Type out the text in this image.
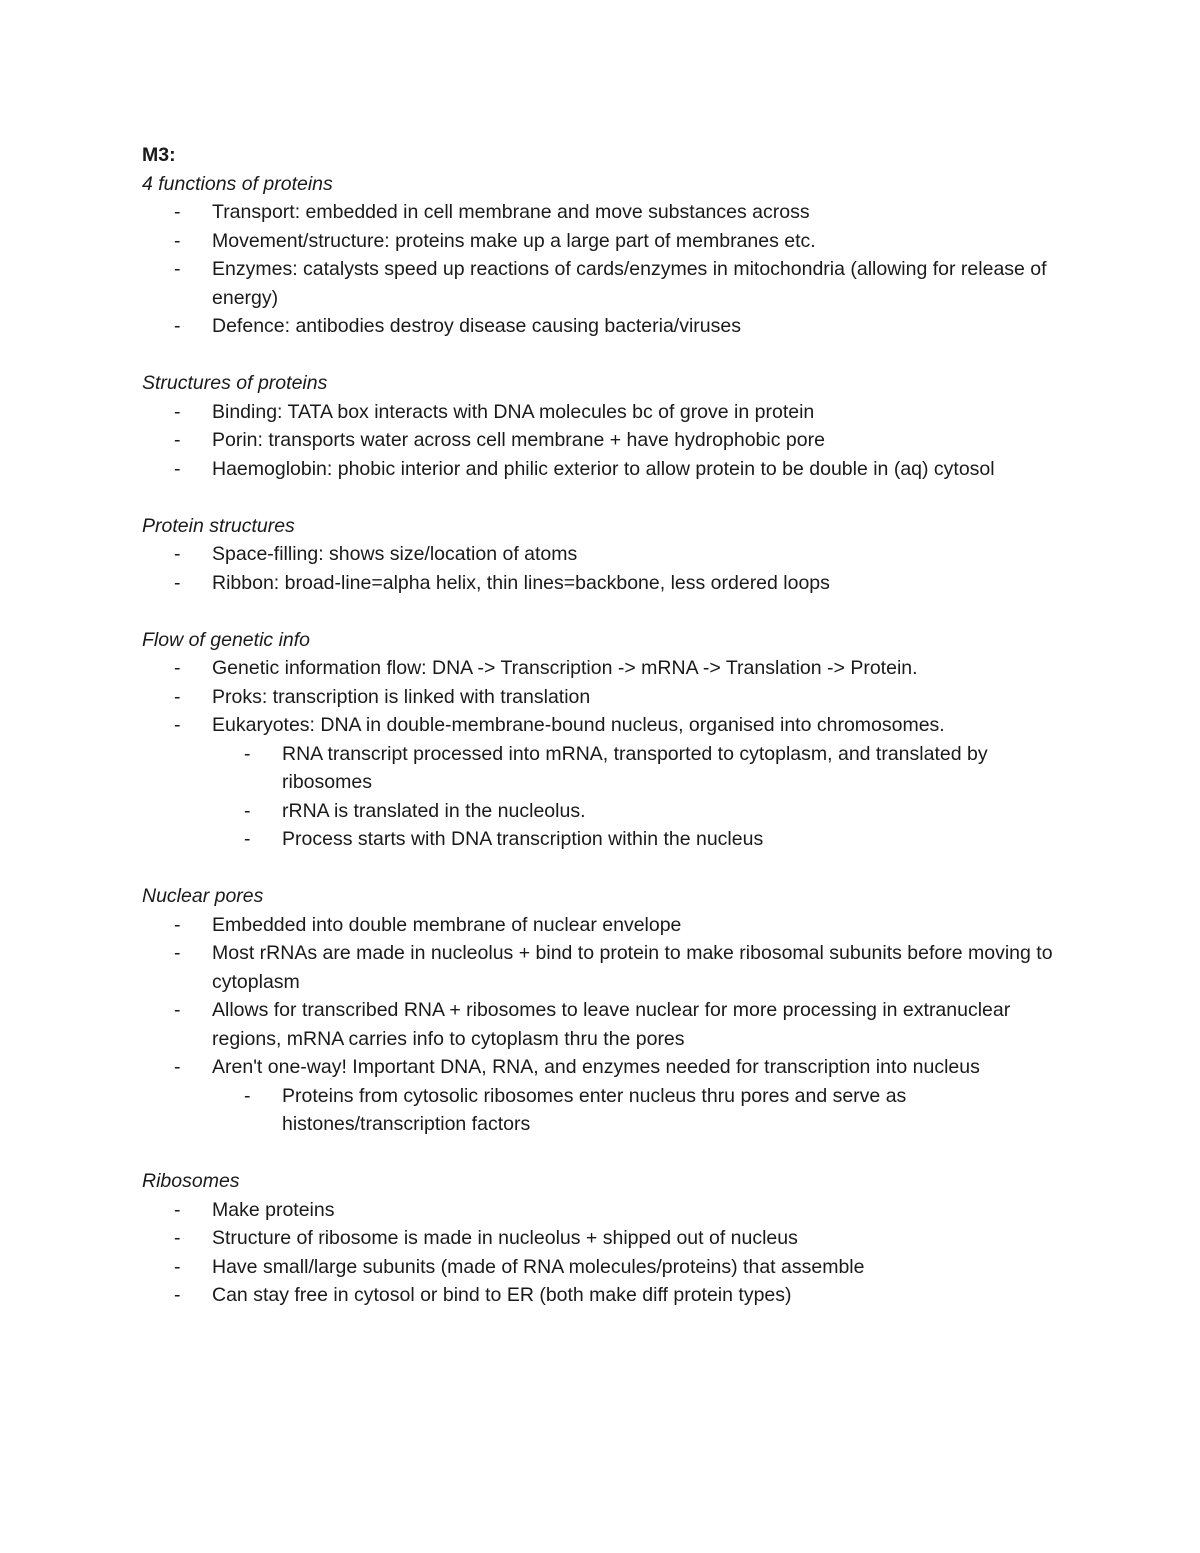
M3:
4 functions of proteins
- Transport: embedded in cell membrane and move substances across
- Movement/structure: proteins make up a large part of membranes etc.
- Enzymes: catalysts speed up reactions of cards/enzymes in mitochondria (allowing for release of energy)
- Defence: antibodies destroy disease causing bacteria/viruses
Structures of proteins
- Binding: TATA box interacts with DNA molecules bc of grove in protein
- Porin: transports water across cell membrane + have hydrophobic pore
- Haemoglobin: phobic interior and philic exterior to allow protein to be double in (aq) cytosol
Protein structures
- Space-filling: shows size/location of atoms
- Ribbon: broad-line=alpha helix, thin lines=backbone, less ordered loops
Flow of genetic info
- Genetic information flow: DNA -> Transcription -> mRNA -> Translation -> Protein.
- Proks: transcription is linked with translation
- Eukaryotes: DNA in double-membrane-bound nucleus, organised into chromosomes.
- RNA transcript processed into mRNA, transported to cytoplasm, and translated by ribosomes
- rRNA is translated in the nucleolus.
- Process starts with DNA transcription within the nucleus
Nuclear pores
- Embedded into double membrane of nuclear envelope
- Most rRNAs are made in nucleolus + bind to protein to make ribosomal subunits before moving to cytoplasm
- Allows for transcribed RNA + ribosomes to leave nuclear for more processing in extranuclear regions, mRNA carries info to cytoplasm thru the pores
- Aren't one-way! Important DNA, RNA, and enzymes needed for transcription into nucleus
- Proteins from cytosolic ribosomes enter nucleus thru pores and serve as histones/transcription factors
Ribosomes
- Make proteins
- Structure of ribosome is made in nucleolus + shipped out of nucleus
- Have small/large subunits (made of RNA molecules/proteins) that assemble
- Can stay free in cytosol or bind to ER (both make diff protein types)
